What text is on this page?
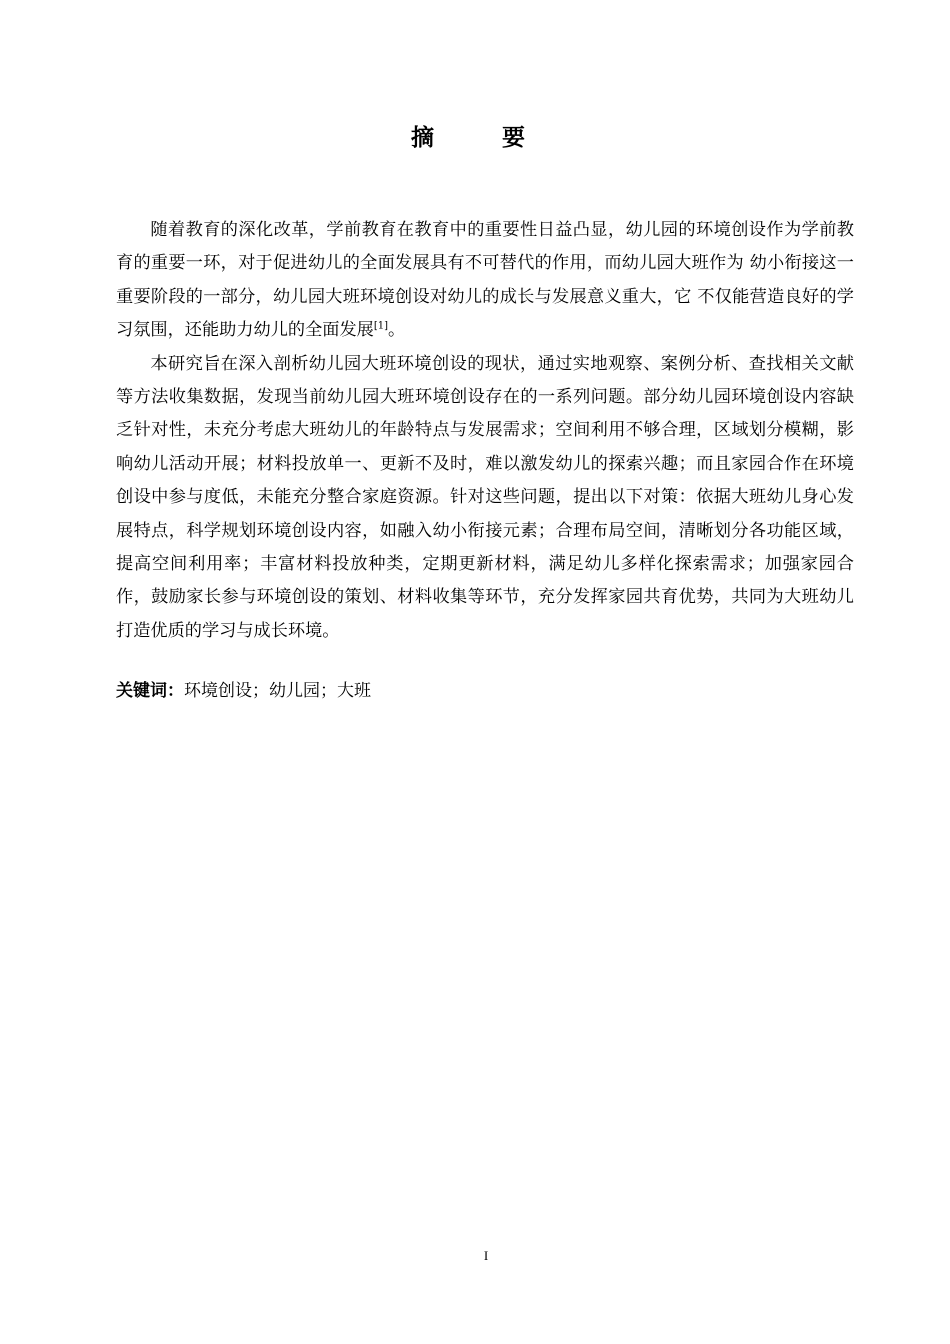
摘 要

随着教育的深化改革，学前教育在教育中的重要性日益凸显，幼儿园的环境创设作为学前教育的重要一环，对于促进幼儿的全面发展具有不可替代的作用，而幼儿园大班作为 幼小衔接这一重要阶段的一部分，幼儿园大班环境创设对幼儿的成长与发展意义重大，它 不仅能营造良好的学习氛围，还能助力幼儿的全面发展[1]。

本研究旨在深入剖析幼儿园大班环境创设的现状，通过实地观察、案例分析、查找相关文献等方法收集数据，发现当前幼儿园大班环境创设存在的一系列问题。部分幼儿园环境创设内容缺乏针对性，未充分考虑大班幼儿的年龄特点与发展需求；空间利用不够合理，区域划分模糊，影响幼儿活动开展；材料投放单一、更新不及时，难以激发幼儿的探索兴趣；而且家园合作在环境创设中参与度低，未能充分整合家庭资源。针对这些问题，提出以下对策：依据大班幼儿身心发展特点，科学规划环境创设内容，如融入幼小衔接元素；合理布局空间，清晰划分各功能区域，提高空间利用率；丰富材料投放种类，定期更新材料，满足幼儿多样化探索需求；加强家园合作，鼓励家长参与环境创设的策划、材料收集等环节，充分发挥家园共育优势，共同为大班幼儿打造优质的学习与成长环境。

关键词：环境创设；幼儿园；大班
I
